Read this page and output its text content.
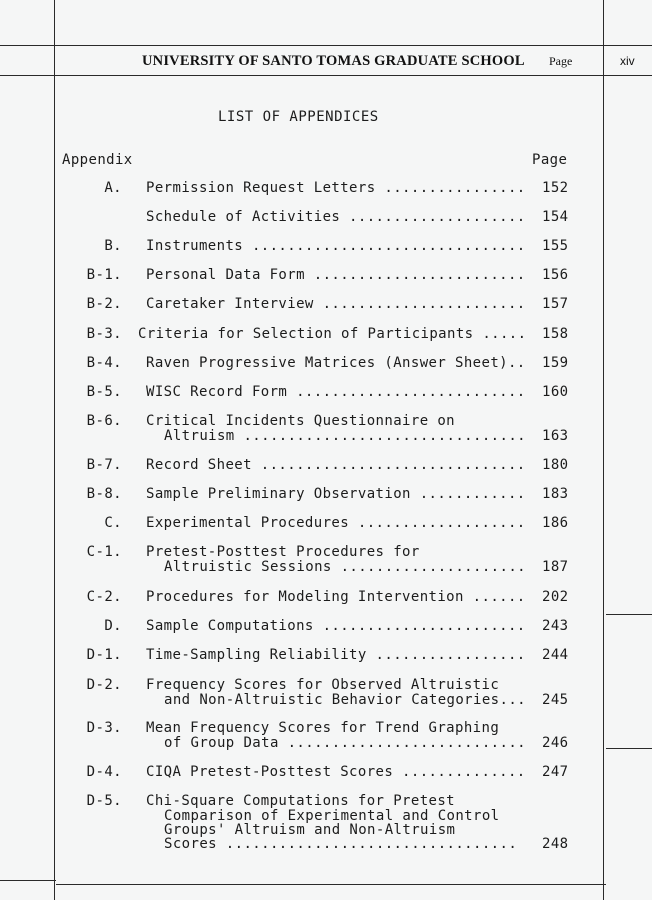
UNIVERSITY OF SANTO TOMAS GRADUATE SCHOOL Page	xiv
LIST OF APPENDICES
Appendix	Page
A. Permission Request Letters ................ 152
Schedule of Activities .................... 154
B. Instruments ............................... 155
B-1. Personal Data Form ........................ 156
B-2. Caretaker Interview ....................... 157
B-3. Criteria for Selection of Participants ..... 158
B-4. Raven Progressive Matrices (Answer Sheet).. 159
B-5. WISC Record Form .......................... 160
B-6. Critical Incidents Questionnaire on
Altruism ................................ 163
B-7. Record Sheet .............................. 180
B-8. Sample Preliminary Observation ............ 183
C. Experimental Procedures ................... 186
C-1. Pretest-Posttest Procedures for
Altruistic Sessions ..................... 187
C-2. Procedures for Modeling Intervention ...... 202
D. Sample Computations ....................... 243
D-1. Time-Sampling Reliability ................. 244
D-2. Frequency Scores for Observed Altruistic
and Non-Altruistic Behavior Categories... 245
D-3. Mean Frequency Scores for Trend Graphing
of Group Data ........................... 246
D-4. CIQA Pretest-Posttest Scores .............. 247
D-5. Chi-Square Computations for Pretest
Comparison of Experimental and Control
Groups' Altruism and Non-Altruism
Scores ................................. 248
